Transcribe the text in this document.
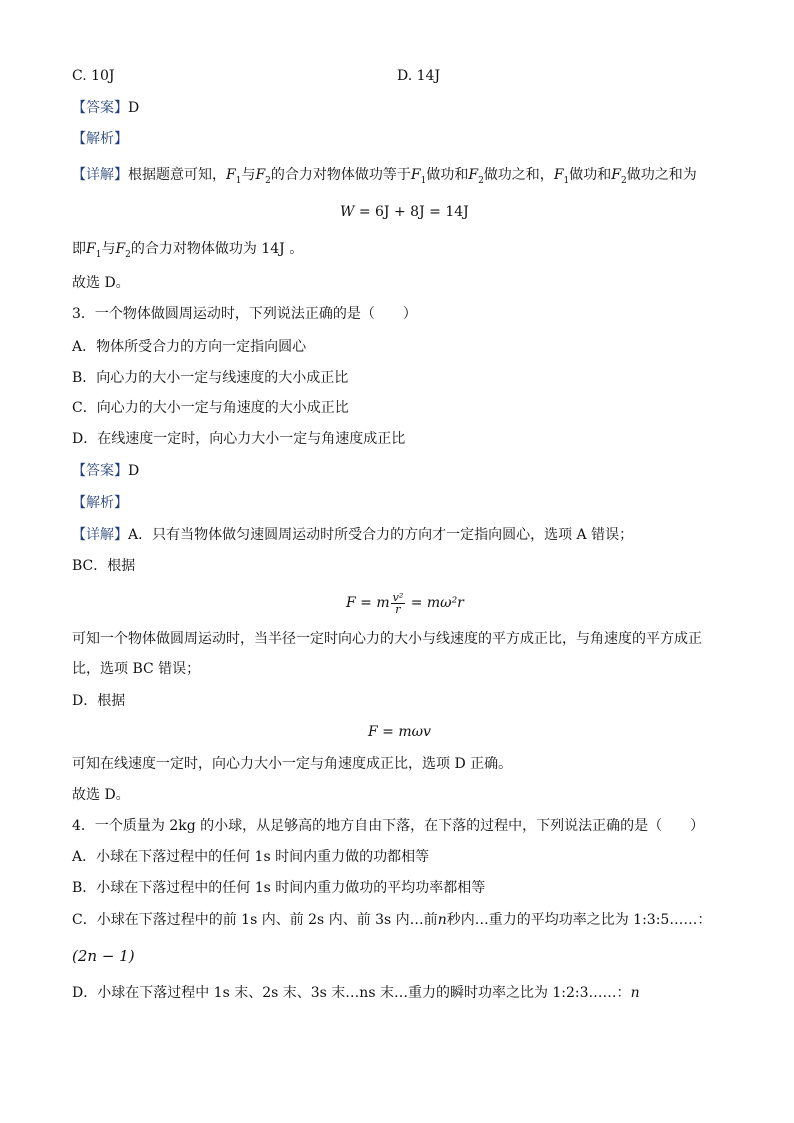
C. 10J	D. 14J
【答案】D
【解析】
【详解】根据题意可知，$F_1$与$F_2$的合力对物体做功等于$F_1$做功和$F_2$做功之和，$F_1$做功和$F_2$做功之和为
W = 6J + 8J = 14J
即$F_1$与$F_2$的合力对物体做功为 14J 。
故选 D。
3．一个物体做圆周运动时，下列说法正确的是（　　）
A．物体所受合力的方向一定指向圆心
B．向心力的大小一定与线速度的大小成正比
C．向心力的大小一定与角速度的大小成正比
D．在线速度一定时，向心力大小一定与角速度成正比
【答案】D
【解析】
【详解】A．只有当物体做匀速圆周运动时所受合力的方向才一定指向圆心，选项 A 错误；
BC．根据
F = m $\frac{\text{v²}}{r} = m\omega^2r$
可知一个物体做圆周运动时，当半径一定时向心力的大小与线速度的平方成正比，与角速度的平方成正
比，选项 BC 错误；
D．根据
F = mωv
可知在线速度一定时，向心力大小一定与角速度成正比，选项 D 正确。
故选 D。
4．一个质量为 2kg 的小球，从足够高的地方自由下落，在下落的过程中，下列说法正确的是（　　）
A．小球在下落过程中的任何 1s 时间内重力做的功都相等
B．小球在下落过程中的任何 1s 时间内重力做功的平均功率都相等
C．小球在下落过程中的前 1s 内、前 2s 内、前 3s 内…前n秒内…重力的平均功率之比为 1:3:5……：
(2n − 1)
D．小球在下落过程中 1s 末、2s 末、3s 末…ns 末…重力的瞬时功率之比为 1:2:3……：n
